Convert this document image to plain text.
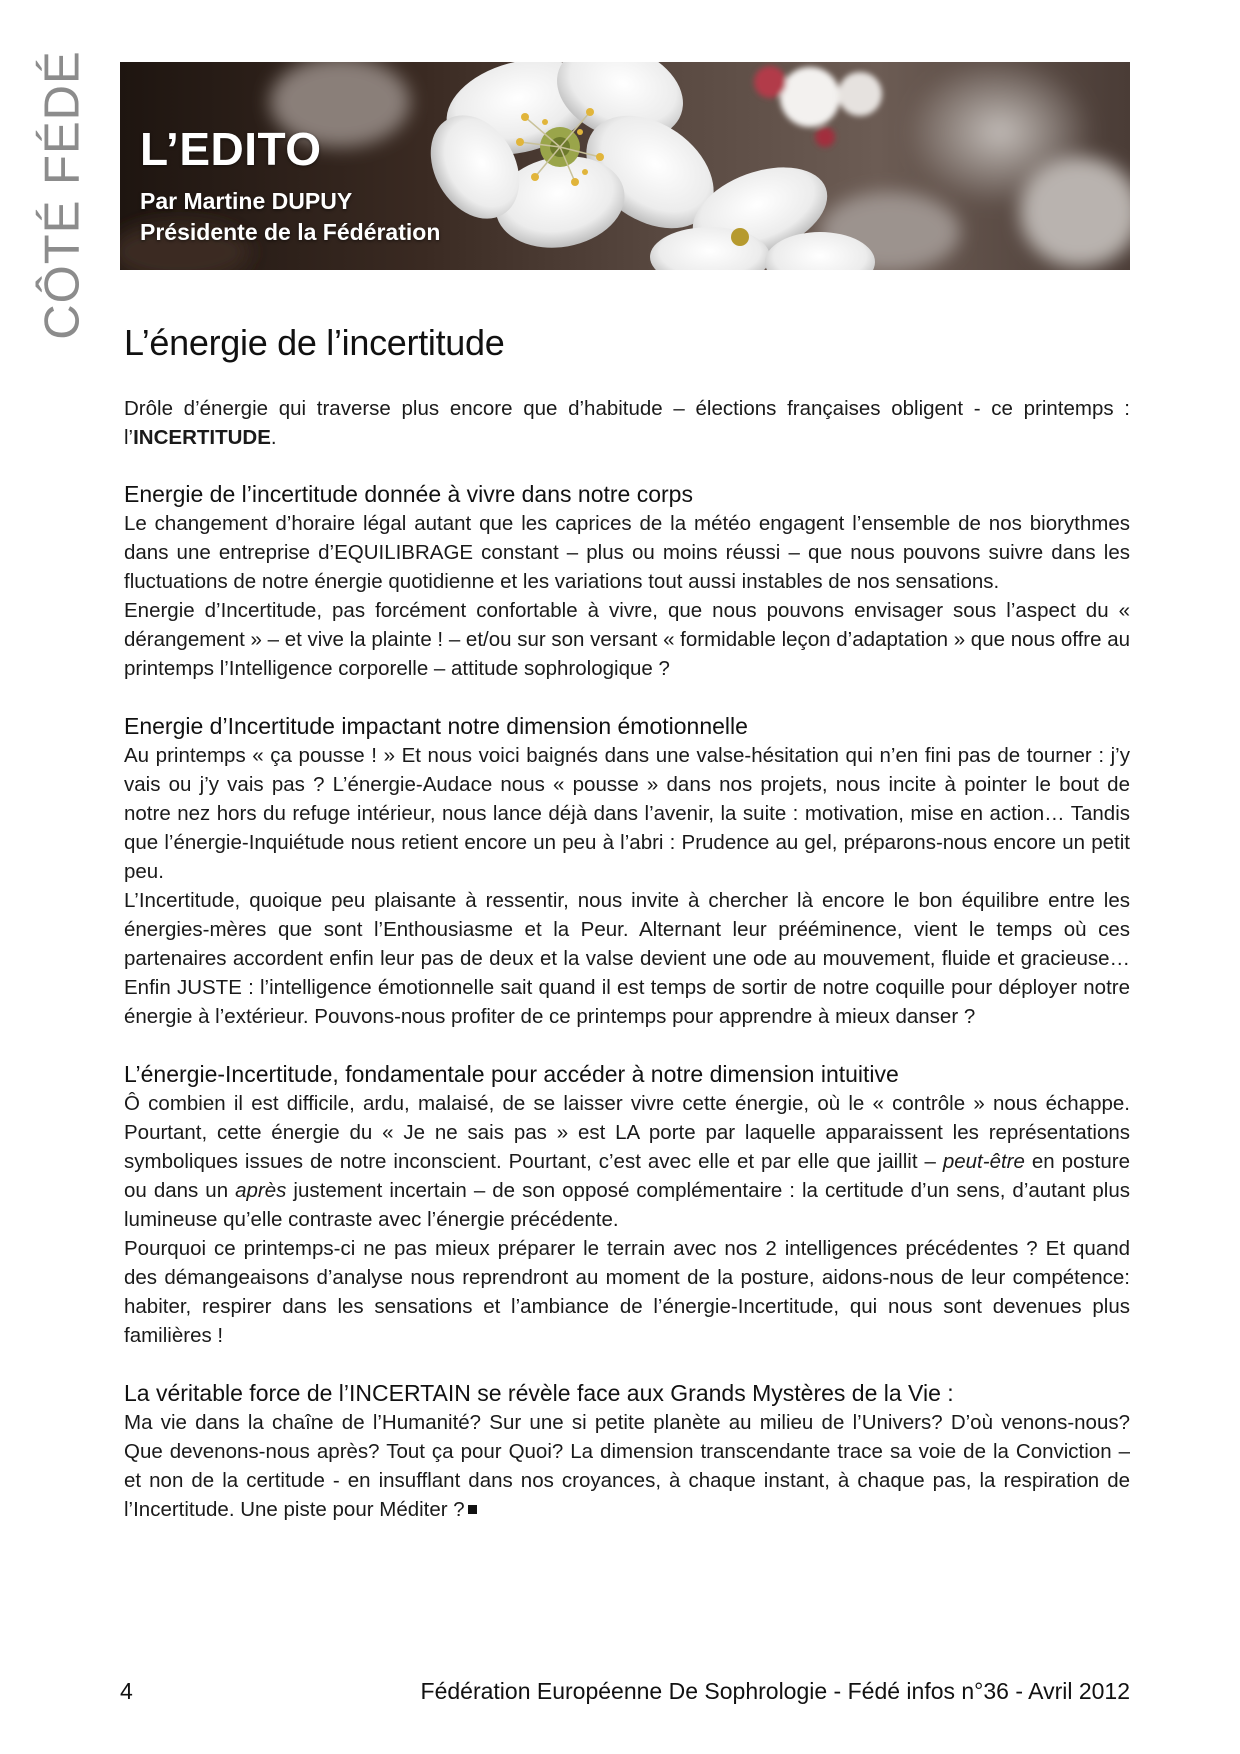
CÔTÉ FÉDÉ L’EDITO
Par Martine DUPUY
Présidente de la Fédération
L’énergie de l’incertitude

Drôle d’énergie qui traverse plus encore que d’habitude – élections françaises obligent - ce printemps : l’INCERTITUDE.

Energie de l’incertitude donnée à vivre dans notre corps

Le changement d’horaire légal autant que les caprices de la météo engagent l’ensemble de nos biorythmes dans une entreprise d’EQUILIBRAGE constant – plus ou moins réussi – que nous pouvons suivre dans les fluctuations de notre énergie quotidienne et les variations tout aussi instables de nos sensations.

Energie d’Incertitude, pas forcément confortable à vivre, que nous pouvons envisager sous l’aspect du « dérangement » – et vive la plainte ! – et/ou sur son versant « formidable leçon d’adaptation » que nous offre au printemps l’Intelligence corporelle – attitude sophrologique ?

Energie d’Incertitude impactant notre dimension émotionnelle

Au printemps « ça pousse ! » Et nous voici baignés dans une valse-hésitation qui n’en fini pas de tourner : j’y vais ou j’y vais pas ? L’énergie-Audace nous « pousse » dans nos projets, nous incite à pointer le bout de notre nez hors du refuge intérieur, nous lance déjà dans l’avenir, la suite : motivation, mise en action… Tandis que l’énergie-Inquiétude nous retient encore un peu à l’abri : Prudence au gel, préparons-nous encore un petit peu.

L’Incertitude, quoique peu plaisante à ressentir, nous invite à chercher là encore le bon équilibre entre les énergies-mères que sont l’Enthousiasme et la Peur. Alternant leur prééminence, vient le temps où ces partenaires accordent enfin leur pas de deux et la valse devient une ode au mouvement, fluide et gracieuse…Enfin JUSTE : l’intelligence émotionnelle sait quand il est temps de sortir de notre coquille pour déployer notre énergie à l’extérieur. Pouvons-nous profiter de ce printemps pour apprendre à mieux danser ?

L’énergie-Incertitude, fondamentale pour accéder à notre dimension intuitive

Ô combien il est difficile, ardu, malaisé, de se laisser vivre cette énergie, où le « contrôle » nous échappe. Pourtant, cette énergie du « Je ne sais pas » est LA porte par laquelle apparaissent les représentations symboliques issues de notre inconscient. Pourtant, c’est avec elle et par elle que jaillit – peut-être en posture ou dans un après justement incertain – de son opposé complémentaire : la certitude d’un sens, d’autant plus lumineuse qu’elle contraste avec l’énergie précédente.

Pourquoi ce printemps-ci ne pas mieux préparer le terrain avec nos 2 intelligences précédentes ? Et quand des démangeaisons d’analyse nous reprendront au moment de la posture, aidons-nous de leur compétence: habiter, respirer dans les sensations et l’ambiance de l’énergie-Incertitude, qui nous sont devenues plus familières !

La véritable force de l’INCERTAIN se révèle face aux Grands Mystères de la Vie :

Ma vie dans la chaîne de l’Humanité? Sur une si petite planète au milieu de l’Univers? D’où venons-nous? Que devenons-nous après? Tout ça pour Quoi? La dimension transcendante trace sa voie de la Conviction – et non de la certitude - en insufflant dans nos croyances, à chaque instant, à chaque pas, la respiration de l’Incertitude. Une piste pour Méditer ?

4	Fédération Européenne De Sophrologie - Fédé infos n°36 - Avril 2012
